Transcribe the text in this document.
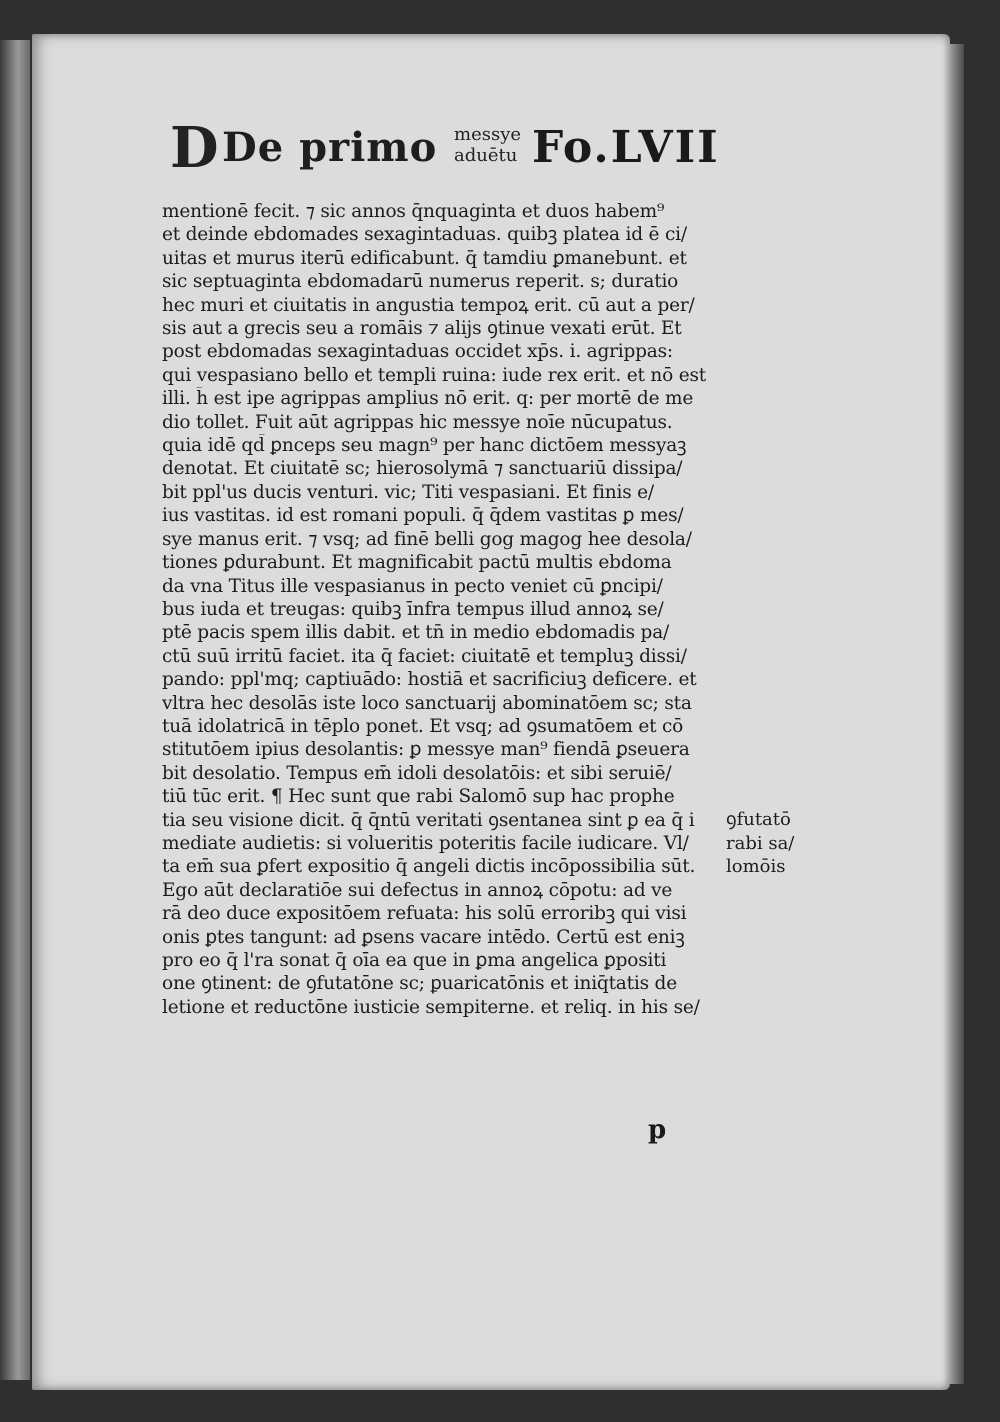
D De primo messye
aduētu Fo.LVII
mentionē fecit. ⁊ sic annos q̄nquaginta et duos habem⁹
et deinde ebdomades sexagintaduas. quibꝫ platea id ē ci/
uitas et murus iterū edificabunt. q̄ tamdiu ꝑmanebunt. et
sic septuaginta ebdomadarū numerus reperit. s; duratio
hec muri et ciuitatis in angustia tempoꝝ erit. cū aut a per/
sis aut a grecis seu a romāis ⁊ alijs ꝯtinue vexati erūt. Et
post ebdomadas sexagintaduas occidet xp̄s. i. agrippas:
qui vespasiano bello et templi ruina: iude rex erit. et nō est
illi. h̄ est ipe agrippas amplius nō erit. q: per mortē de me
dio tollet. Fuit aūt agrippas hic messye noīe nūcupatus.
quia idē qd̄ ꝑnceps seu magn⁹ per hanc dictōem messyaꝫ
denotat. Et ciuitatē sc; hierosolymā ⁊ sanctuariū dissipa/
bit ppl'us ducis venturi. vic; Titi vespasiani. Et finis e/
ius vastitas. id est romani populi. q̄ q̄dem vastitas ꝑ mes/
sye manus erit. ⁊ vsq; ad finē belli gog magog hee desola/
tiones ꝑdurabunt. Et magnificabit pactū multis ebdoma
da vna Titus ille vespasianus in pecto veniet cū ꝑncipi/
bus iuda et treugas: quibꝫ īnfra tempus illud annoꝝ se/
ptē pacis spem illis dabit. et tn̄ in medio ebdomadis pa/
ctū suū irritū faciet. ita q̄ faciet: ciuitatē et templuꝫ dissi/
pando: ppl'mq; captiuādo: hostiā et sacrificiuꝫ deficere. et
vltra hec desolās iste loco sanctuarij abominatōem sc; sta
tuā idolatricā in tēplo ponet. Et vsq; ad ꝯsumatōem et cō
stitutōem ipius desolantis: ꝑ messye man⁹ fiendā ꝑseuera
bit desolatio. Tempus em̄ idoli desolatōis: et sibi seruiē/
tiū tūc erit. ¶ Hec sunt que rabi Salomō sup hac prophe
tia seu visione dicit. q̄ q̄ntū veritati ꝯsentanea sint ꝑ ea q̄ i
mediate audietis: si volueritis poteritis facile iudicare. Vl/
ta em̄ sua ꝑfert expositio q̄ angeli dictis incōpossibilia sūt.
Ego aūt declaratiōe sui defectus in annoꝝ cōpotu: ad ve
rā deo duce expositōem refuata: his solū erroribꝫ qui visi
onis ꝑtes tangunt: ad ꝑsens vacare intēdo. Certū est eniꝫ
pro eo q̄ l'ra sonat q̄ oīa ea que in ꝑma angelica ꝑpositi
one ꝯtinent: de ꝯfutatōne sc; ꝑuaricatōnis et iniq̄tatis de
letione et reductōne iusticie sempiterne. et reliq. in his se/
ꝯfutatō
rabi sa/
lomōis
p
